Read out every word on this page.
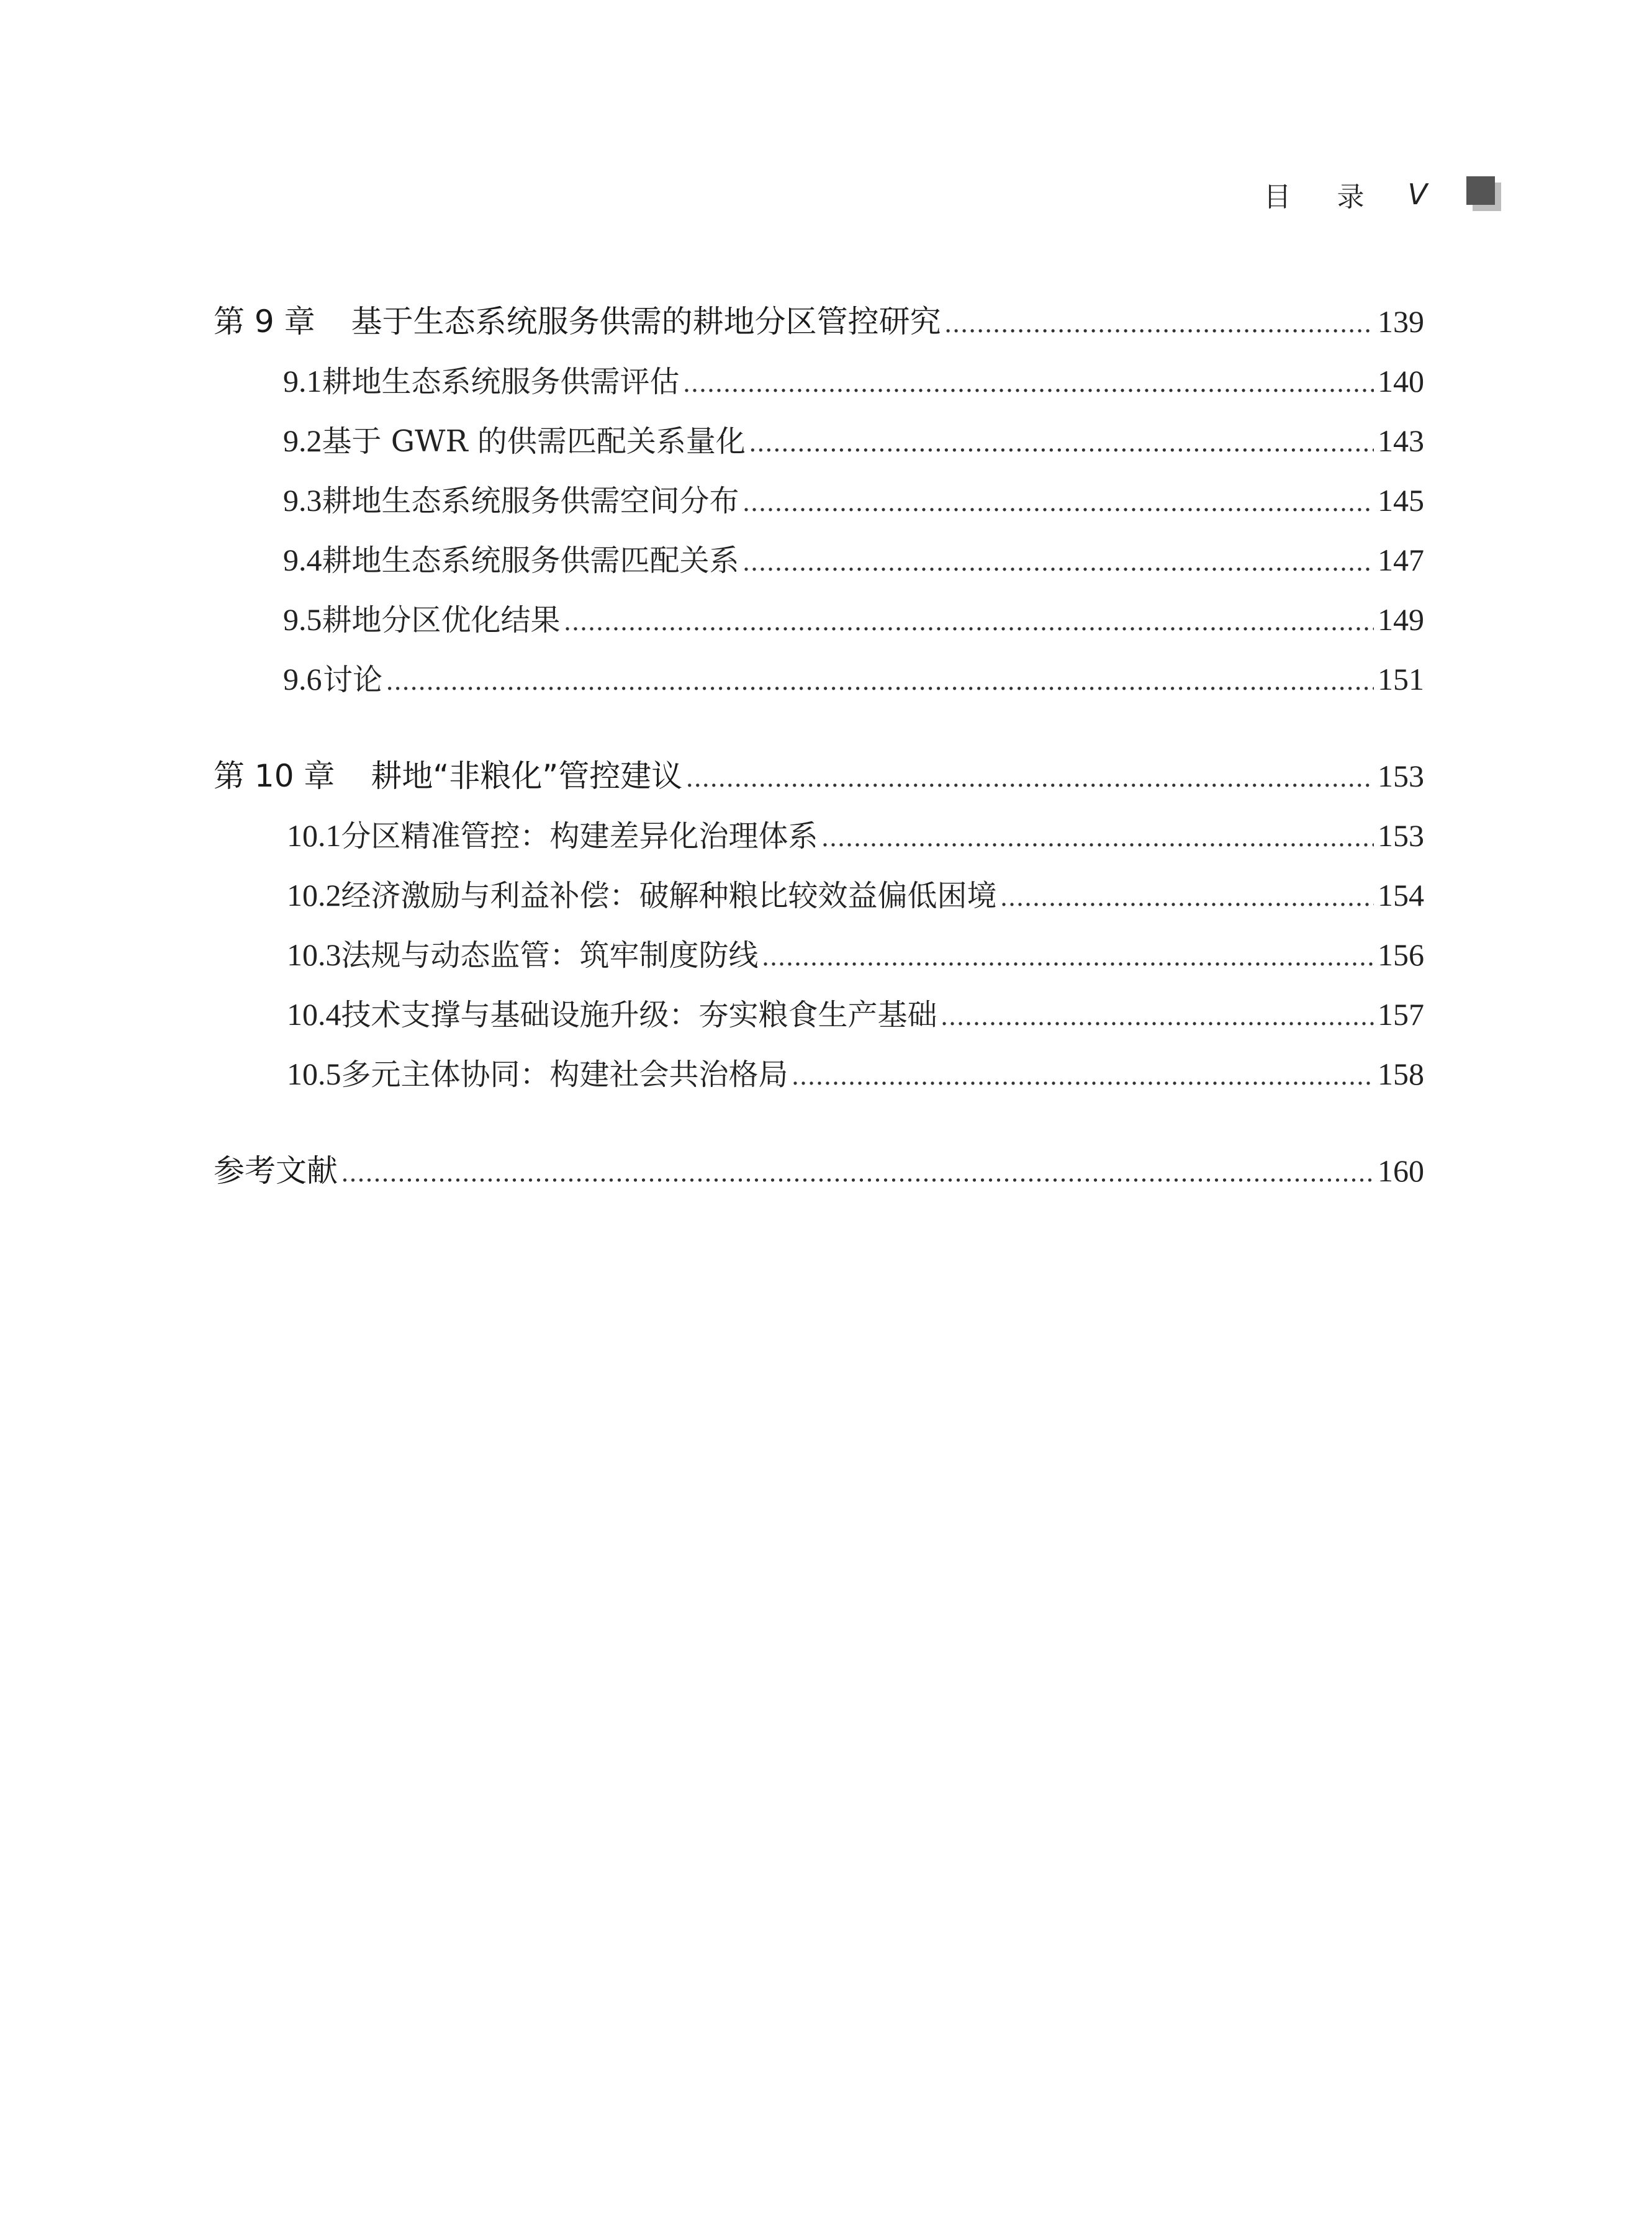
目 录 V
第 9 章 基于生态系统服务供需的耕地分区管控研究 .....	139
9.1 耕地生态系统服务供需评估 .....	140
9.2 基于 GWR 的供需匹配关系量化 .....	143
9.3 耕地生态系统服务供需空间分布 .....	145
9.4 耕地生态系统服务供需匹配关系 .....	147
9.5 耕地分区优化结果 .....	149
9.6 讨论 .....	151
第 10 章 耕地“非粮化”管控建议 .....	153
10.1 分区精准管控：构建差异化治理体系 .....	153
10.2 经济激励与利益补偿：破解种粮比较效益偏低困境 .....	154
10.3 法规与动态监管：筑牢制度防线 .....	156
10.4 技术支撑与基础设施升级：夯实粮食生产基础 .....	157
10.5 多元主体协同：构建社会共治格局 .....	158
参考文献 .....	160
